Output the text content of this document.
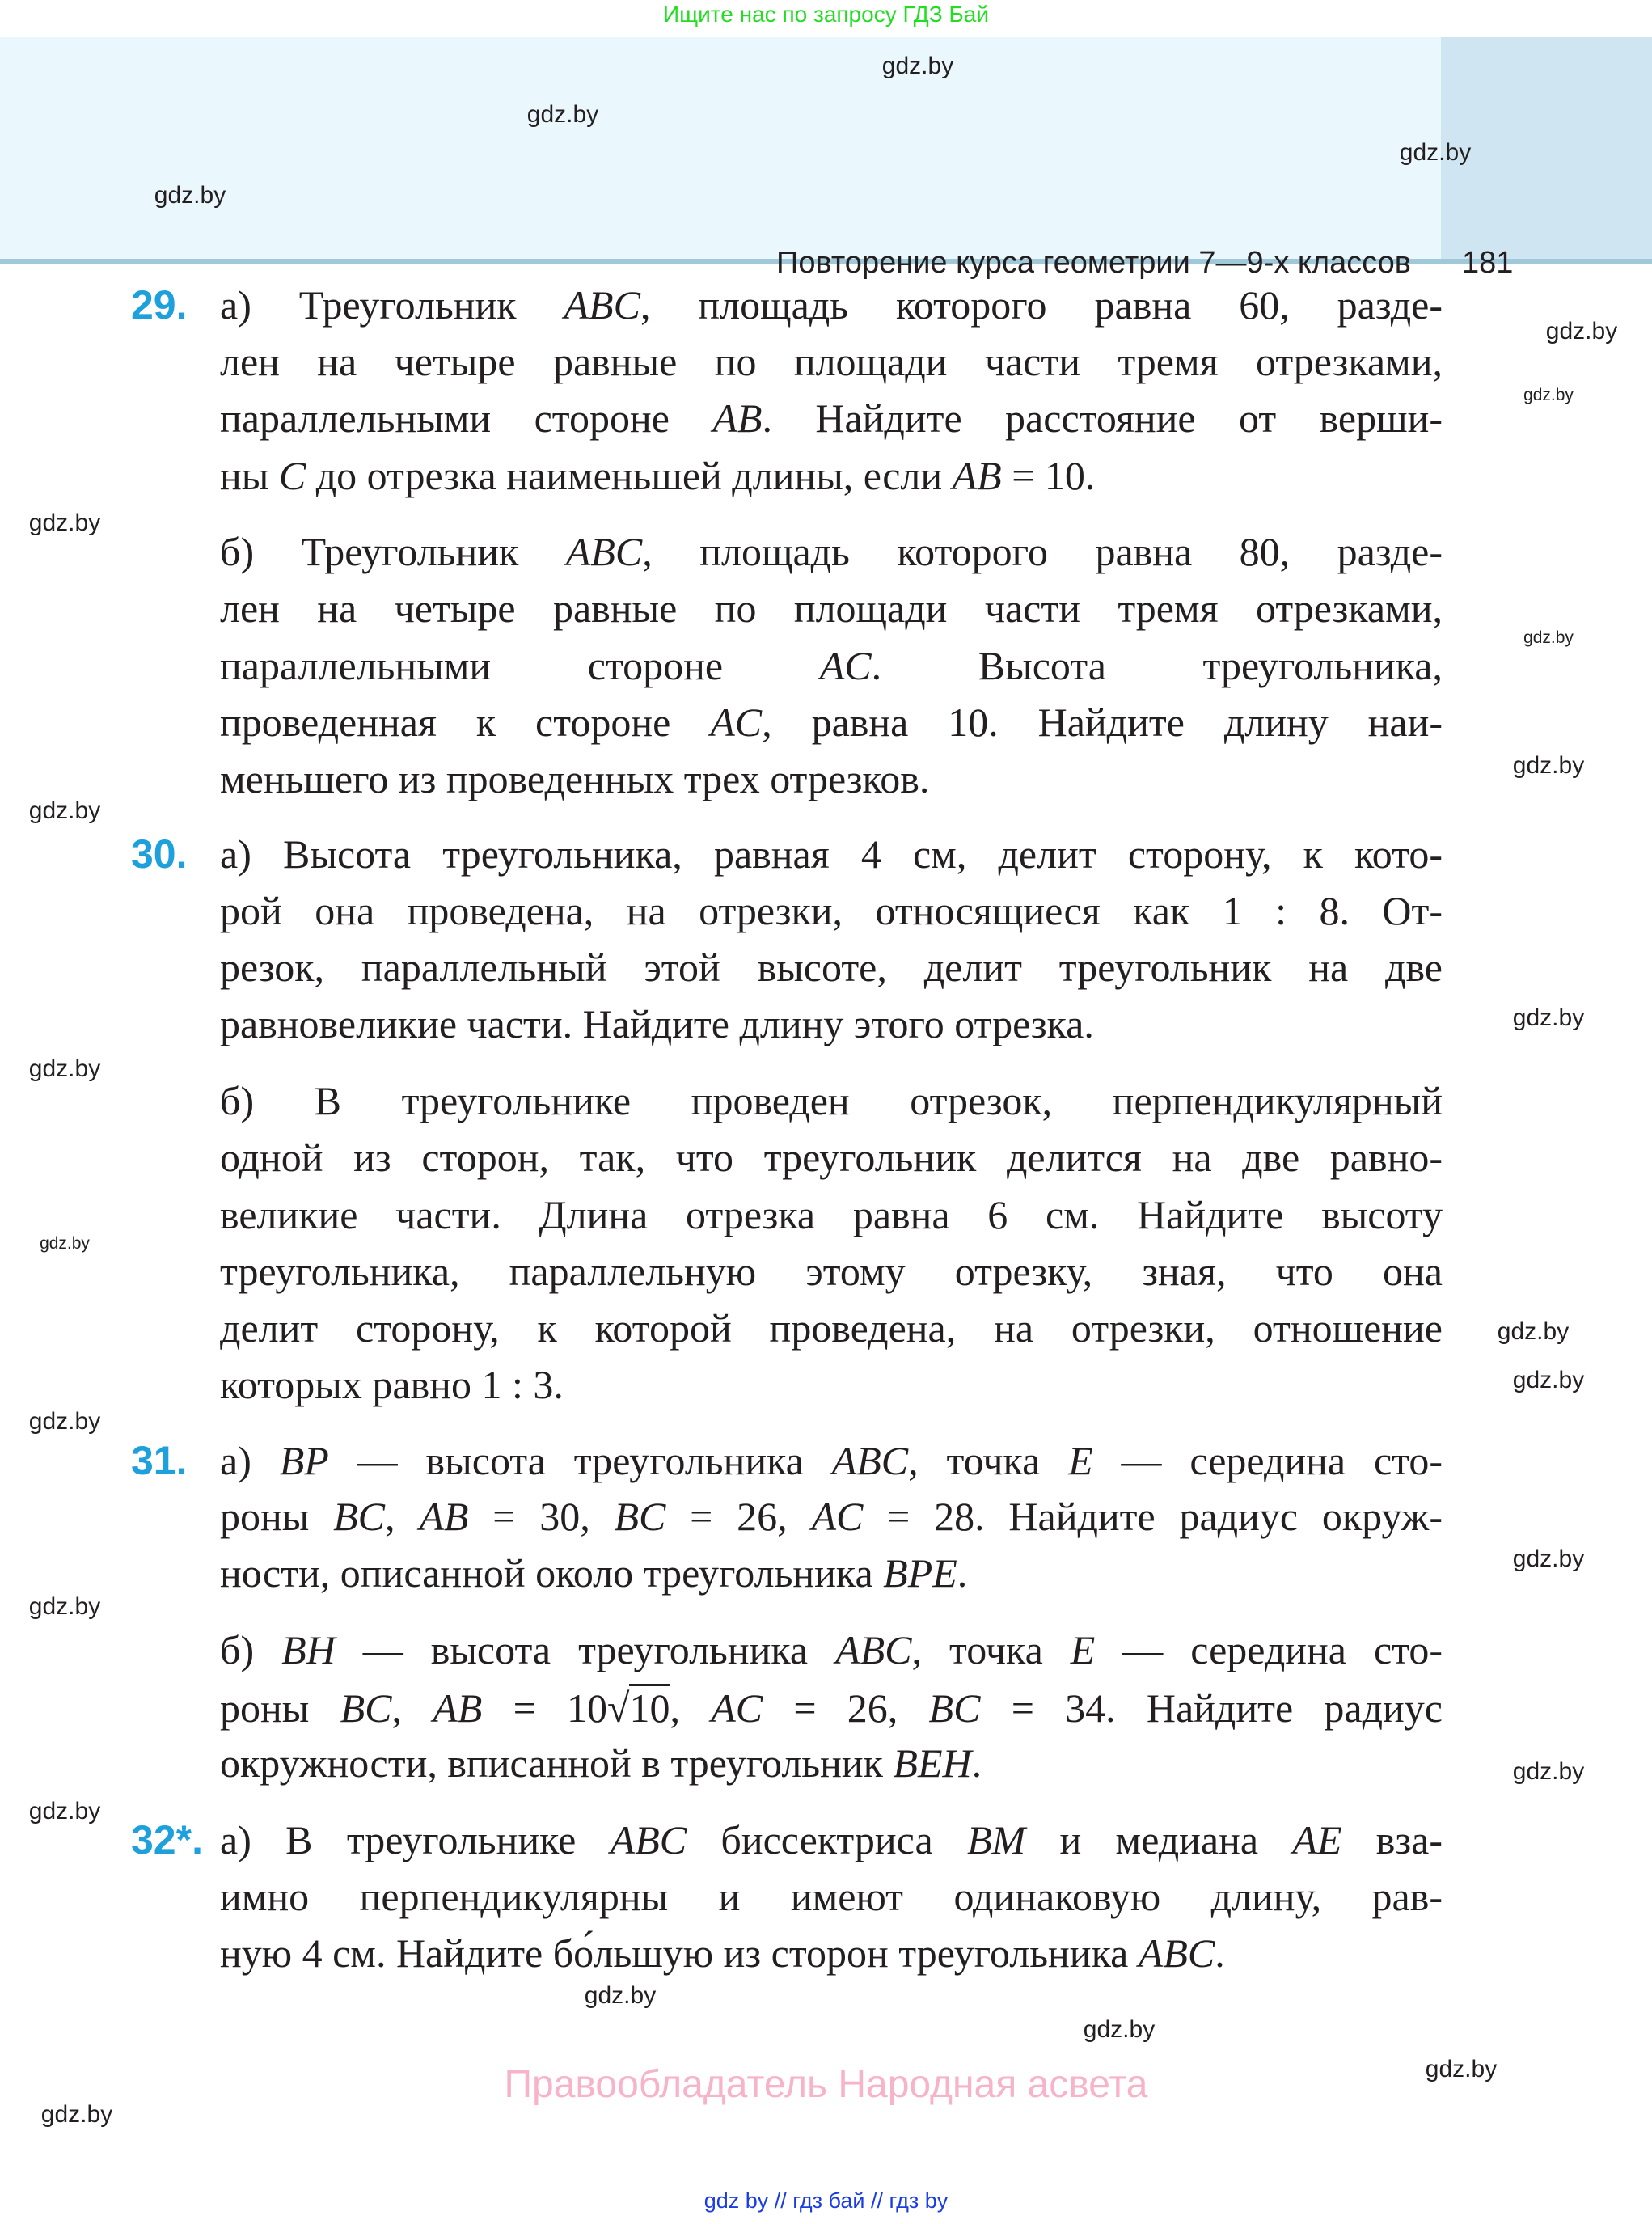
Ищите нас по запросу ГДЗ Бай
Повторение курса геометрии 7—9-х классов 181
29. а) Треугольник ABC, площадь которого равна 60, разде-
лен на четыре равные по площади части тремя отрезками,
параллельными стороне AB. Найдите расстояние от верши-
ны C до отрезка наименьшей длины, если AB = 10.
б) Треугольник ABC, площадь которого равна 80, разде-
лен на четыре равные по площади части тремя отрезками,
параллельными стороне AC. Высота треугольника,
проведенная к стороне AC, равна 10. Найдите длину наи-
меньшего из проведенных трех отрезков.
30. а) Высота треугольника, равная 4 см, делит сторону, к кото-
рой она проведена, на отрезки, относящиеся как 1 : 8. От-
резок, параллельный этой высоте, делит треугольник на две
равновеликие части. Найдите длину этого отрезка.
б) В треугольнике проведен отрезок, перпендикулярный
одной из сторон, так, что треугольник делится на две равно-
великие части. Длина отрезка равна 6 см. Найдите высоту
треугольника, параллельную этому отрезку, зная, что она
делит сторону, к которой проведена, на отрезки, отношение
которых равно 1 : 3.
31. а) BP — высота треугольника ABC, точка E — середина сто-
роны BC, AB = 30, BC = 26, AC = 28. Найдите радиус окруж-
ности, описанной около треугольника BPE.
б) BH — высота треугольника ABC, точка E — середина сто-
роны BC, AB = 10√10, AC = 26, BC = 34. Найдите радиус
окружности, вписанной в треугольник BEH.
32*. а) В треугольнике ABC биссектриса BM и медиана AE вза-
имно перпендикулярны и имеют одинаковую длину, рав-
ную 4 см. Найдите бо́льшую из сторон треугольника ABC.
gdz.by
gdz.by
gdz.by
gdz.by
gdz.by
gdz.by
gdz.by
gdz.by
gdz.by
gdz.by
gdz.by
gdz.by
gdz.by
gdz.by
gdz.by
gdz.by
gdz.by
gdz.by
gdz.by
gdz.by
gdz.by
gdz.by
gdz.by
gdz.by
Правообладатель Народная асвета
gdz by // гдз бай // гдз by
